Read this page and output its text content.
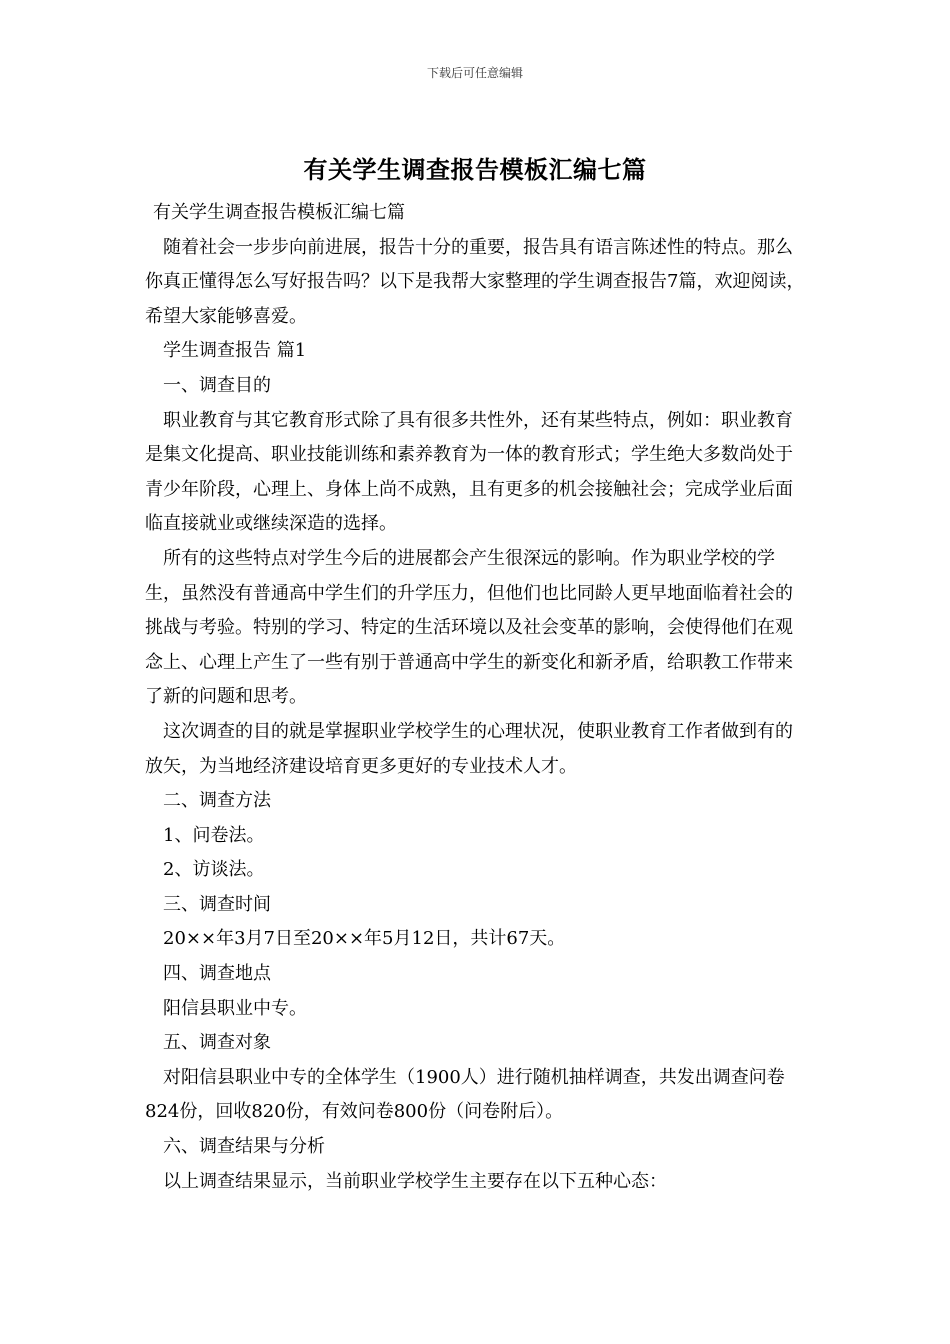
下载后可任意编辑
有关学生调查报告模板汇编七篇

有关学生调查报告模板汇编七篇

随着社会一步步向前进展，报告十分的重要，报告具有语言陈述性的特点。那么你真正懂得怎么写好报告吗？以下是我帮大家整理的学生调查报告7篇，欢迎阅读，希望大家能够喜爱。

学生调查报告 篇1

一、调查目的

职业教育与其它教育形式除了具有很多共性外，还有某些特点，例如：职业教育是集文化提高、职业技能训练和素养教育为一体的教育形式；学生绝大多数尚处于青少年阶段，心理上、身体上尚不成熟，且有更多的机会接触社会；完成学业后面临直接就业或继续深造的选择。

所有的这些特点对学生今后的进展都会产生很深远的影响。作为职业学校的学生，虽然没有普通高中学生们的升学压力，但他们也比同龄人更早地面临着社会的挑战与考验。特别的学习、特定的生活环境以及社会变革的影响，会使得他们在观念上、心理上产生了一些有别于普通高中学生的新变化和新矛盾，给职教工作带来了新的问题和思考。

这次调查的目的就是掌握职业学校学生的心理状况，使职业教育工作者做到有的放矢，为当地经济建设培育更多更好的专业技术人才。

二、调查方法

1、问卷法。

2、访谈法。

三、调查时间

20××年3月7日至20××年5月12日，共计67天。

四、调查地点

阳信县职业中专。

五、调查对象

对阳信县职业中专的全体学生（1900人）进行随机抽样调查，共发出调查问卷824份，回收820份，有效问卷800份（问卷附后）。

六、调查结果与分析

以上调查结果显示，当前职业学校学生主要存在以下五种心态：
